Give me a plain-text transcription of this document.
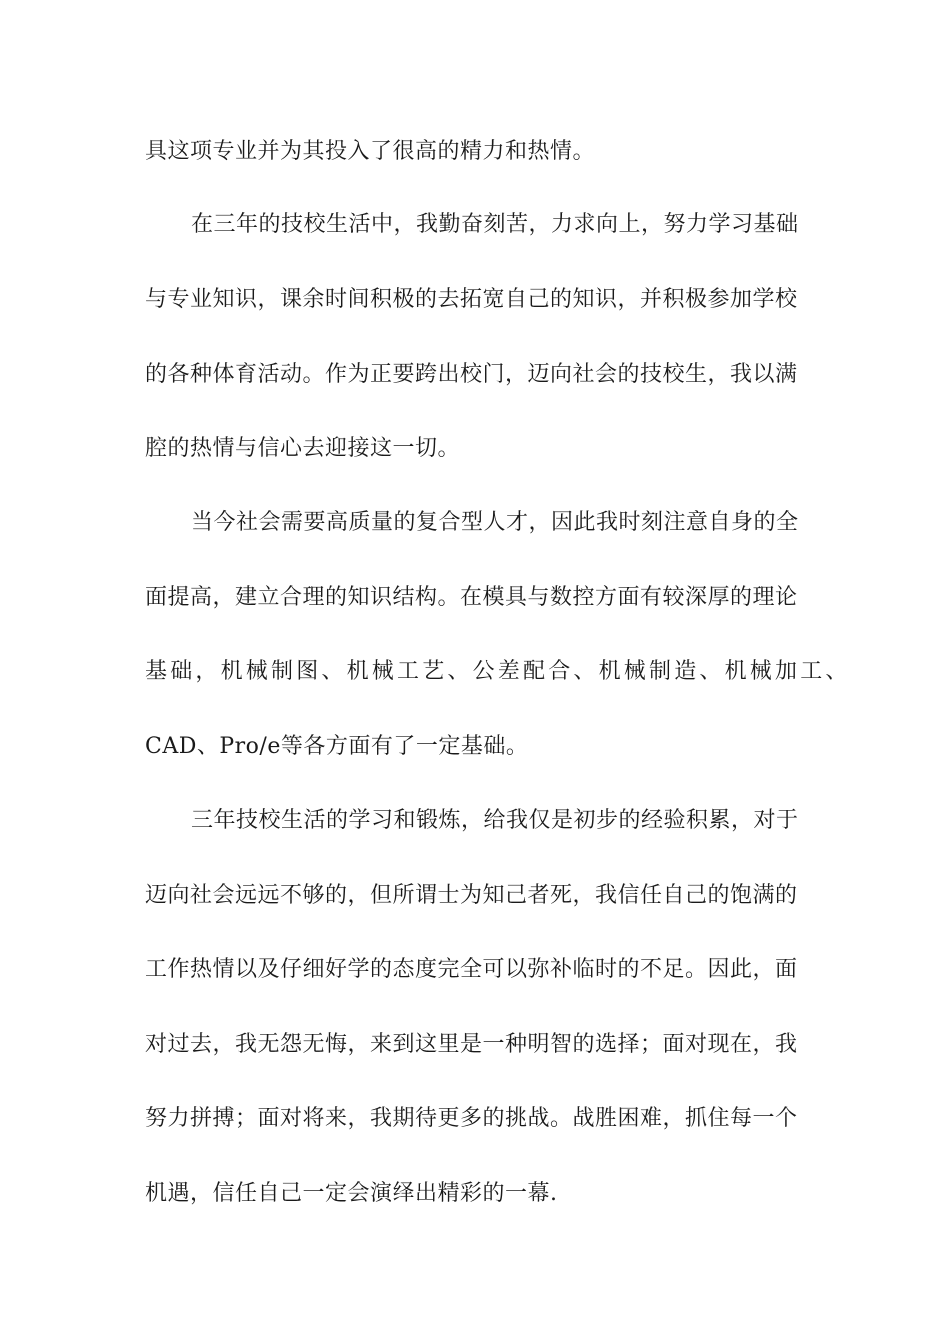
具这项专业并为其投入了很高的精力和热情。

在三年的技校生活中，我勤奋刻苦，力求向上，努力学习基础

与专业知识，课余时间积极的去拓宽自己的知识，并积极参加学校

的各种体育活动。作为正要跨出校门，迈向社会的技校生，我以满

腔的热情与信心去迎接这一切。

当今社会需要高质量的复合型人才，因此我时刻注意自身的全

面提高，建立合理的知识结构。在模具与数控方面有较深厚的理论

基础，机械制图、机械工艺、公差配合、机械制造、机械加工、

CAD、Pro/e等各方面有了一定基础。

三年技校生活的学习和锻炼，给我仅是初步的经验积累，对于

迈向社会远远不够的，但所谓士为知己者死，我信任自己的饱满的

工作热情以及仔细好学的态度完全可以弥补临时的不足。因此，面

对过去，我无怨无悔，来到这里是一种明智的选择；面对现在，我

努力拼搏；面对将来，我期待更多的挑战。战胜困难，抓住每一个

机遇，信任自己一定会演绎出精彩的一幕.
